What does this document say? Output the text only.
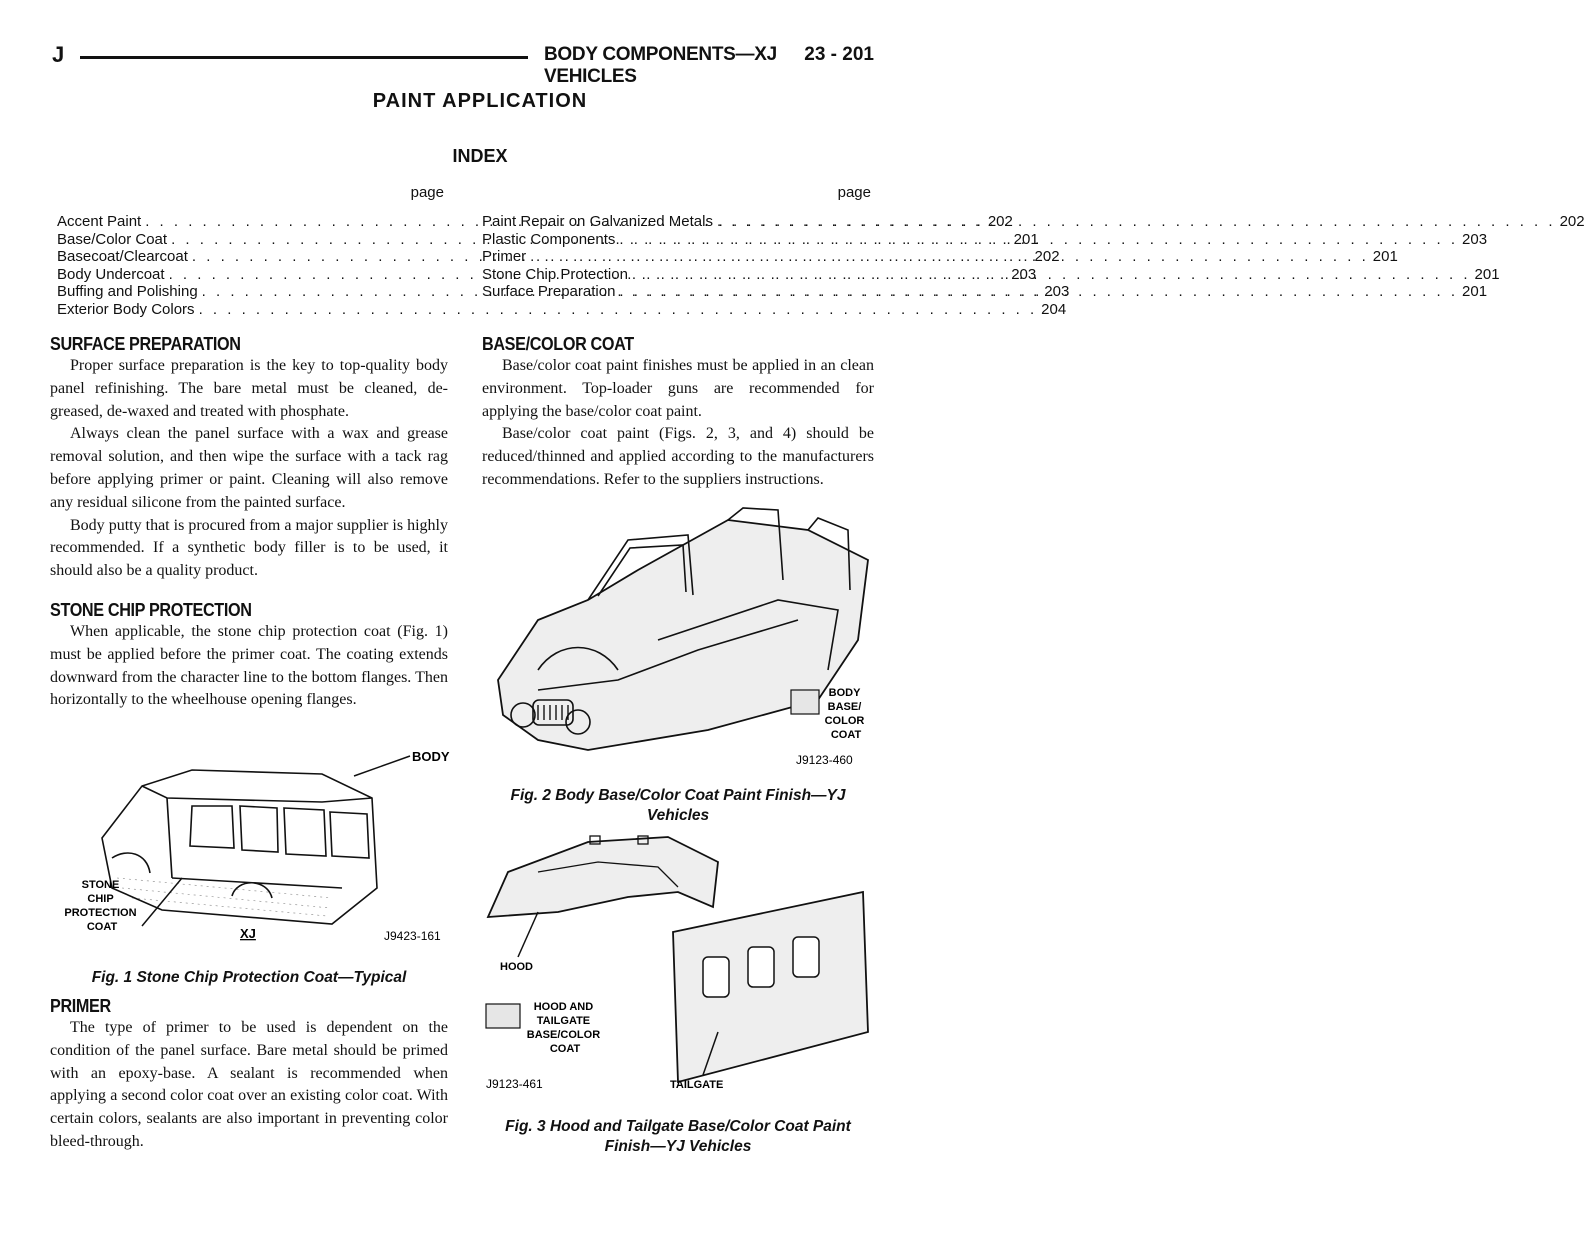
J	BODY COMPONENTS—XJ VEHICLES
23 - 201
PAINT APPLICATION
INDEX
page
Accent Paint . . .	202
Base/Color Coat . . .	201
Basecoat/Clearcoat . . .	202
Body Undercoat . . .	203
Buffing and Polishing . . .	203
Exterior Body Colors . . .	204
page
Paint Repair on Galvanized Metals . . .	202
Plastic Components . . .	203
Primer . . .	201
Stone Chip Protection . . .	201
Surface Preparation . . .	201
SURFACE PREPARATION

Proper surface preparation is the key to top-quality body panel refinishing. The bare metal must be cleaned, de-greased, de-waxed and treated with phosphate.

Always clean the panel surface with a wax and grease removal solution, and then wipe the surface with a tack rag before applying primer or paint. Cleaning will also remove any residual silicone from the painted surface.

Body putty that is procured from a major supplier is highly recommended. If a synthetic body filler is to be used, it should also be a quality product.

STONE CHIP PROTECTION

When applicable, the stone chip protection coat (Fig. 1) must be applied before the primer coat. The coating extends downward from the character line to the bottom flanges. Then horizontally to the wheelhouse opening flanges.

BODY
STONE CHIP PROTECTION COAT	XJ	J9423-161
Fig. 1 Stone Chip Protection Coat—Typical
PRIMER

The type of primer to be used is dependent on the condition of the panel surface. Bare metal should be primed with an epoxy-base. A sealant is recommended when applying a second color coat over an existing color coat. With certain colors, sealants are also important in preventing color bleed-through.

BASE/COLOR COAT

Base/color coat paint finishes must be applied in an clean environment. Top-loader guns are recommended for applying the base/color coat paint.

Base/color coat paint (Figs. 2, 3, and 4) should be reduced/thinned and applied according to the manufacturers recommendations. Refer to the suppliers instructions.

BODY BASE/ COLOR COAT
J9123-460
Fig. 2 Body Base/Color Coat Paint Finish—YJ
Vehicles
HOOD
HOOD AND TAILGATE BASE/COLOR COAT
J9123-461	TAILGATE
Fig. 3 Hood and Tailgate Base/Color Coat Paint
Finish—YJ Vehicles
